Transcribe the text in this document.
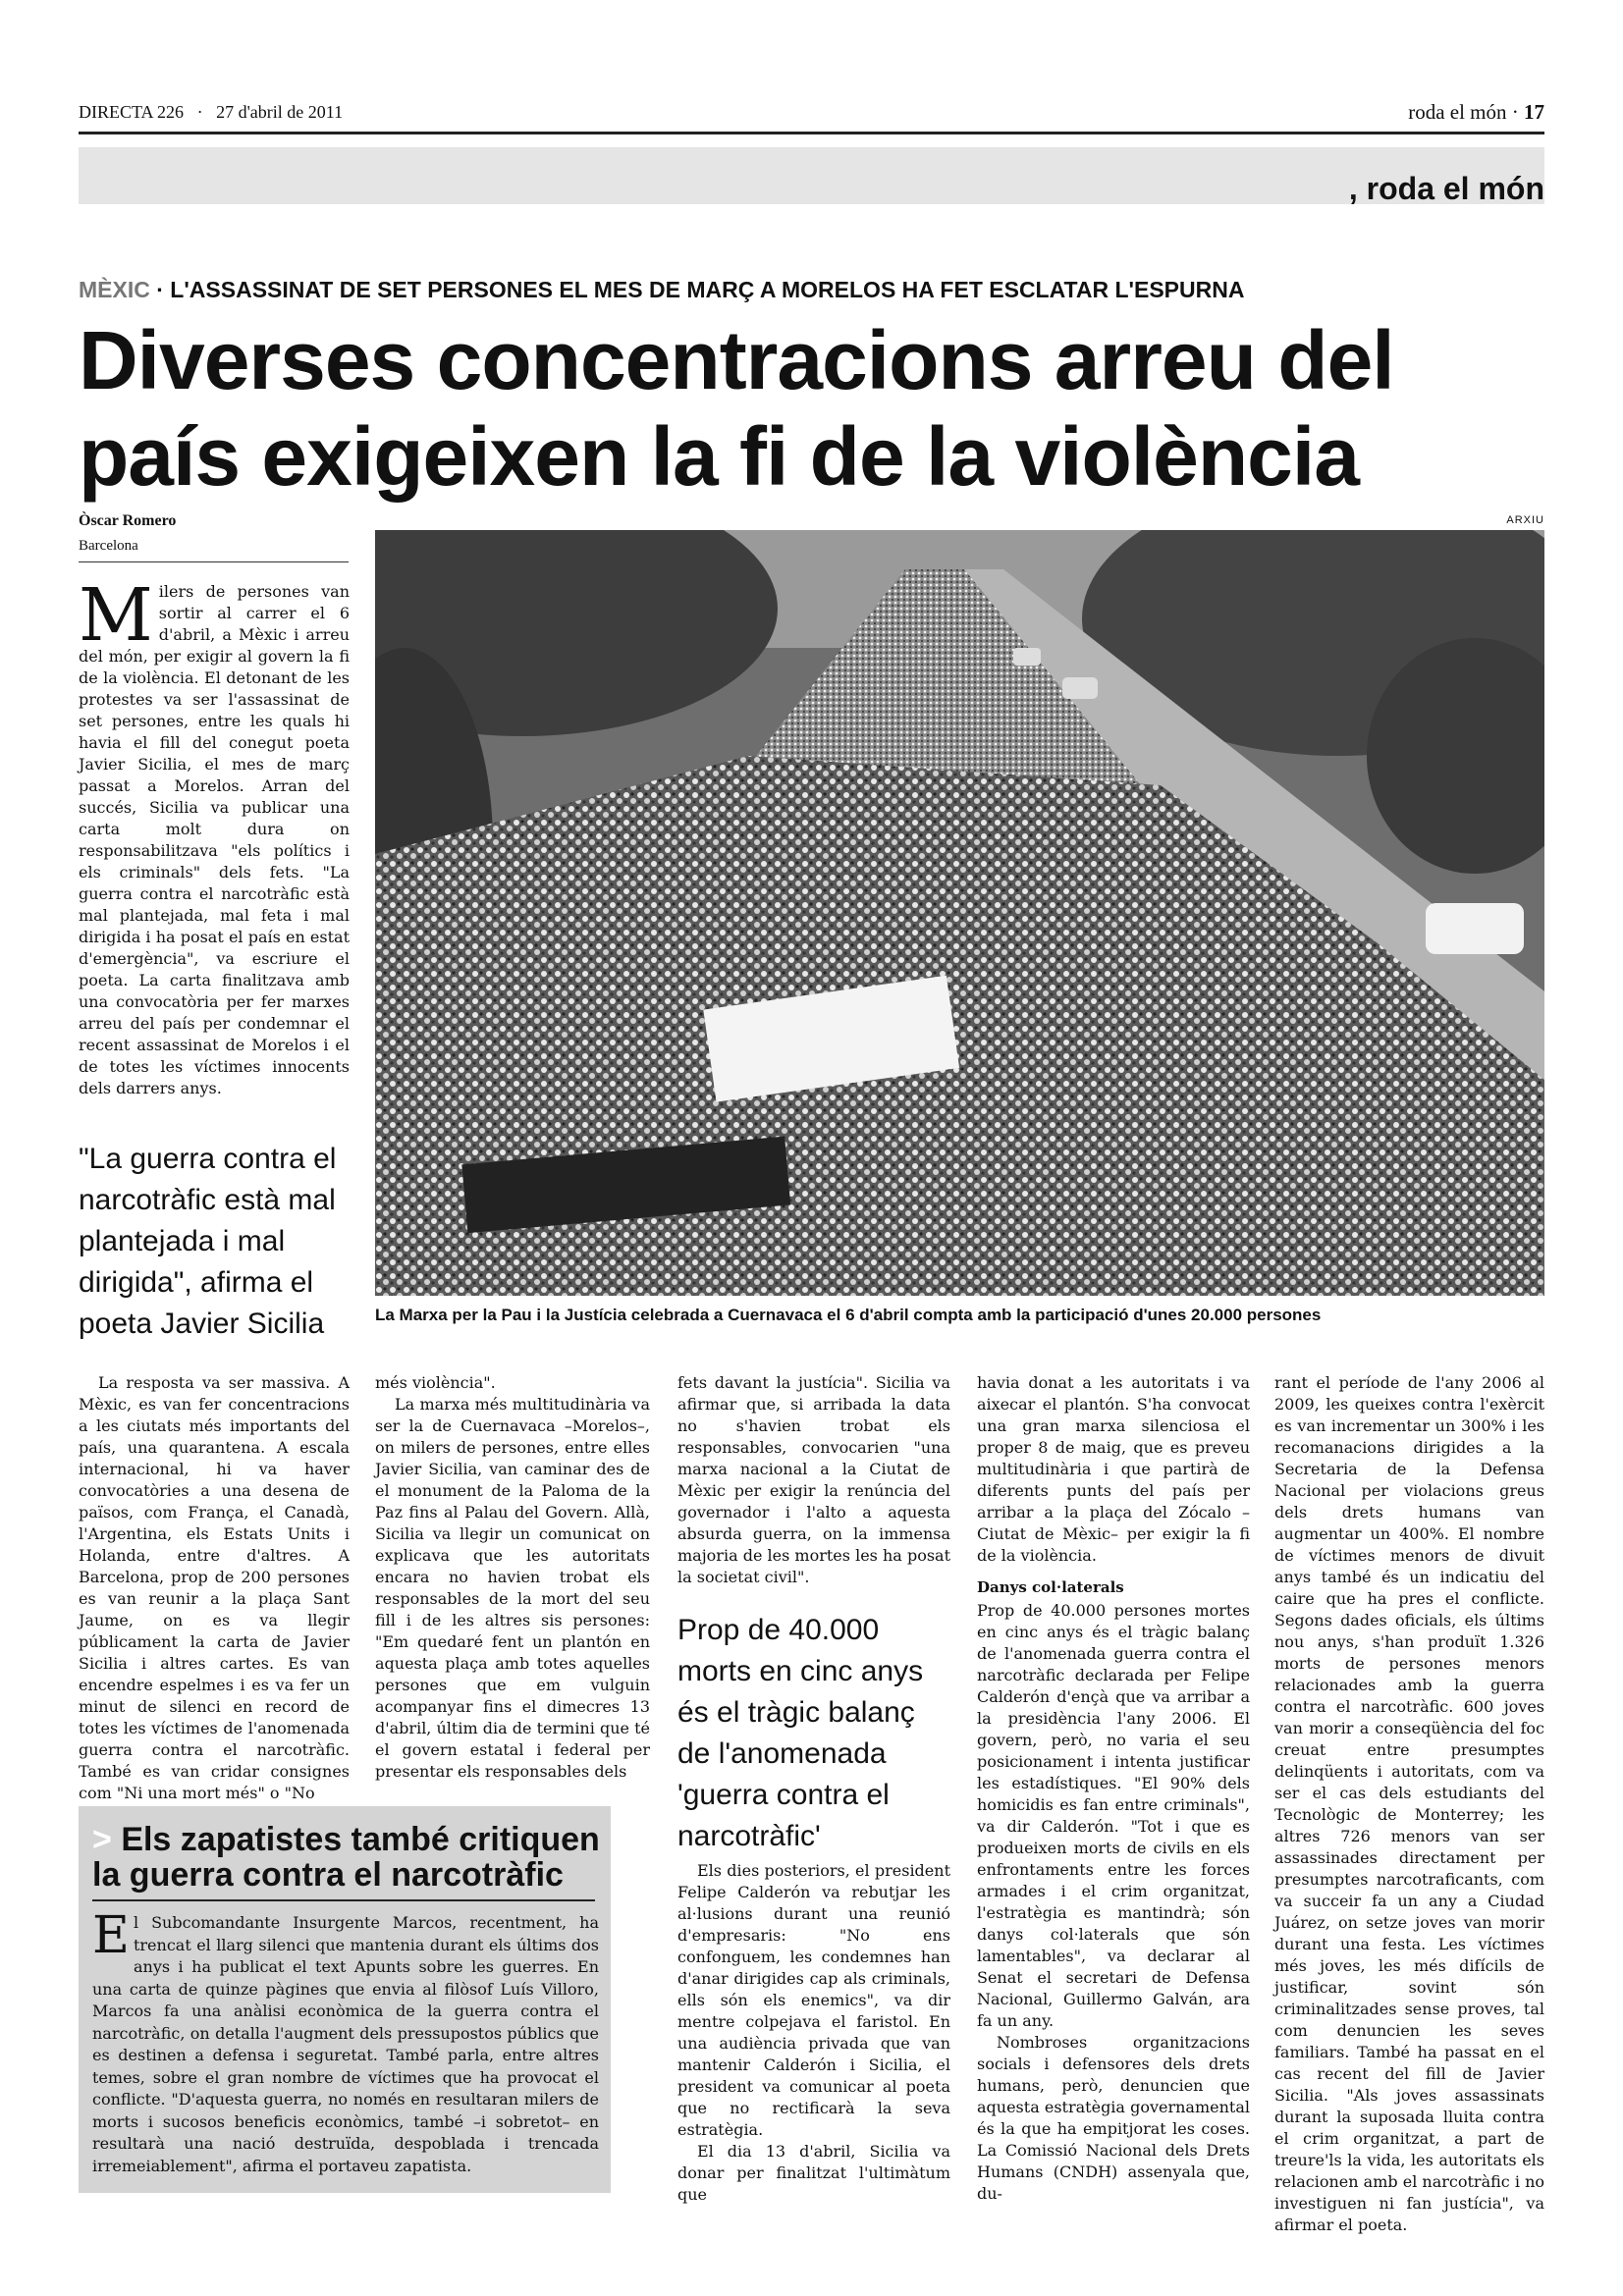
DIRECTA 226 · 27 d'abril de 2011	roda el món · 17
, roda el món
MÈXIC · L'ASSASSINAT DE SET PERSONES EL MES DE MARÇ A MORELOS HA FET ESCLATAR L'ESPURNA
Diverses concentracions arreu del
país exigeixen la fi de la violència
Òscar Romero
Barcelona
ARXIU
La Marxa per la Pau i la Justícia celebrada a Cuernavaca el 6 d'abril compta amb la participació d'unes 20.000 persones

Milers de persones van sortir al carrer el 6 d'abril, a Mèxic i arreu del món, per exigir al govern la fi de la violència. El detonant de les protestes va ser l'assassinat de set persones, entre les quals hi havia el fill del conegut poeta Javier Sicilia, el mes de març passat a Morelos. Arran del succés, Sicilia va publicar una carta molt dura on responsabilitzava "els polítics i els criminals" dels fets. "La guerra contra el narcotràfic està mal plantejada, mal feta i mal dirigida i ha posat el país en estat d'emergència", va escriure el poeta. La carta finalitzava amb una convocatòria per fer marxes arreu del país per condemnar el recent assassinat de Morelos i el de totes les víctimes innocents dels darrers anys.

"La guerra contra el narcotràfic està mal plantejada i mal dirigida", afirma el poeta Javier Sicilia

La resposta va ser massiva. A Mèxic, es van fer concentracions a les ciutats més importants del país, una quarantena. A escala internacional, hi va haver convocatòries a una desena de països, com França, el Canadà, l'Argentina, els Estats Units i Holanda, entre d'altres. A Barcelona, prop de 200 persones es van reunir a la plaça Sant Jaume, on es va llegir públicament la carta de Javier Sicilia i altres cartes. Es van encendre espelmes i es va fer un minut de silenci en record de totes les víctimes de l'anomenada guerra contra el narcotràfic. També es van cridar consignes com "Ni una mort més" o "No

més violència".

La marxa més multitudinària va ser la de Cuernavaca –Morelos–, on milers de persones, entre elles Javier Sicilia, van caminar des de el monument de la Paloma de la Paz fins al Palau del Govern. Allà, Sicilia va llegir un comunicat on explicava que les autoritats encara no havien trobat els responsables de la mort del seu fill i de les altres sis persones: "Em quedaré fent un plantón en aquesta plaça amb totes aquelles persones que em vulguin acompanyar fins el dimecres 13 d'abril, últim dia de termini que té el govern estatal i federal per presentar els responsables dels

fets davant la justícia". Sicilia va afirmar que, si arribada la data no s'havien trobat els responsables, convocarien "una marxa nacional a la Ciutat de Mèxic per exigir la renúncia del governador i l'alto a aquesta absurda guerra, on la immensa majoria de les mortes les ha posat la societat civil".

Prop de 40.000 morts en cinc anys és el tràgic balanç de l'anomenada 'guerra contra el narcotràfic'

Els dies posteriors, el president Felipe Calderón va rebutjar les al·lusions durant una reunió d'empresaris: "No ens confonguem, les condemnes han d'anar dirigides cap als criminals, ells són els enemics", va dir mentre colpejava el faristol. En una audiència privada que van mantenir Calderón i Sicilia, el president va comunicar al poeta que no rectificarà la seva estratègia.

El dia 13 d'abril, Sicilia va donar per finalitzat l'ultimàtum que

havia donat a les autoritats i va aixecar el plantón. S'ha convocat una gran marxa silenciosa el proper 8 de maig, que es preveu multitudinària i que partirà de diferents punts del país per arribar a la plaça del Zócalo –Ciutat de Mèxic– per exigir la fi de la violència.

Danys col·laterals

Prop de 40.000 persones mortes en cinc anys és el tràgic balanç de l'anomenada guerra contra el narcotràfic declarada per Felipe Calderón d'ençà que va arribar a la presidència l'any 2006. El govern, però, no varia el seu posicionament i intenta justificar les estadístiques. "El 90% dels homicidis es fan entre criminals", va dir Calderón. "Tot i que es produeixen morts de civils en els enfrontaments entre les forces armades i el crim organitzat, l'estratègia es mantindrà; són danys col·laterals que són lamentables", va declarar al Senat el secretari de Defensa Nacional, Guillermo Galván, ara fa un any.

Nombroses organitzacions socials i defensores dels drets humans, però, denuncien que aquesta estratègia governamental és la que ha empitjorat les coses. La Comissió Nacional dels Drets Humans (CNDH) assenyala que, du-

rant el període de l'any 2006 al 2009, les queixes contra l'exèrcit es van incrementar un 300% i les recomanacions dirigides a la Secretaria de la Defensa Nacional per violacions greus dels drets humans van augmentar un 400%. El nombre de víctimes menors de divuit anys també és un indicatiu del caire que ha pres el conflicte. Segons dades oficials, els últims nou anys, s'han produït 1.326 morts de persones menors relacionades amb la guerra contra el narcotràfic. 600 joves van morir a conseqüència del foc creuat entre presumptes delinqüents i autoritats, com va ser el cas dels estudiants del Tecnològic de Monterrey; les altres 726 menors van ser assassinades directament per presumptes narcotraficants, com va succeir fa un any a Ciudad Juárez, on setze joves van morir durant una festa. Les víctimes més joves, les més difícils de justificar, sovint són criminalitzades sense proves, tal com denuncien les seves familiars. També ha passat en el cas recent del fill de Javier Sicilia. "Als joves assassinats durant la suposada lluita contra el crim organitzat, a part de treure'ls la vida, les autoritats els relacionen amb el narcotràfic i no investiguen ni fan justícia", va afirmar el poeta.

> Els zapatistes també critiquen la guerra contra el narcotràfic
El Subcomandante Insurgente Marcos, recentment, ha trencat el llarg silenci que mantenia durant els últims dos anys i ha publicat el text Apunts sobre les guerres. En una carta de quinze pàgines que envia al filòsof Luís Villoro, Marcos fa una anàlisi econòmica de la guerra contra el narcotràfic, on detalla l'augment dels pressupostos públics que es destinen a defensa i seguretat. També parla, entre altres temes, sobre el gran nombre de víctimes que ha provocat el conflicte. "D'aquesta guerra, no només en resultaran milers de morts i sucosos beneficis econòmics, també –i sobretot– en resultarà una nació destruïda, despoblada i trencada irremeiablement", afirma el portaveu zapatista.
